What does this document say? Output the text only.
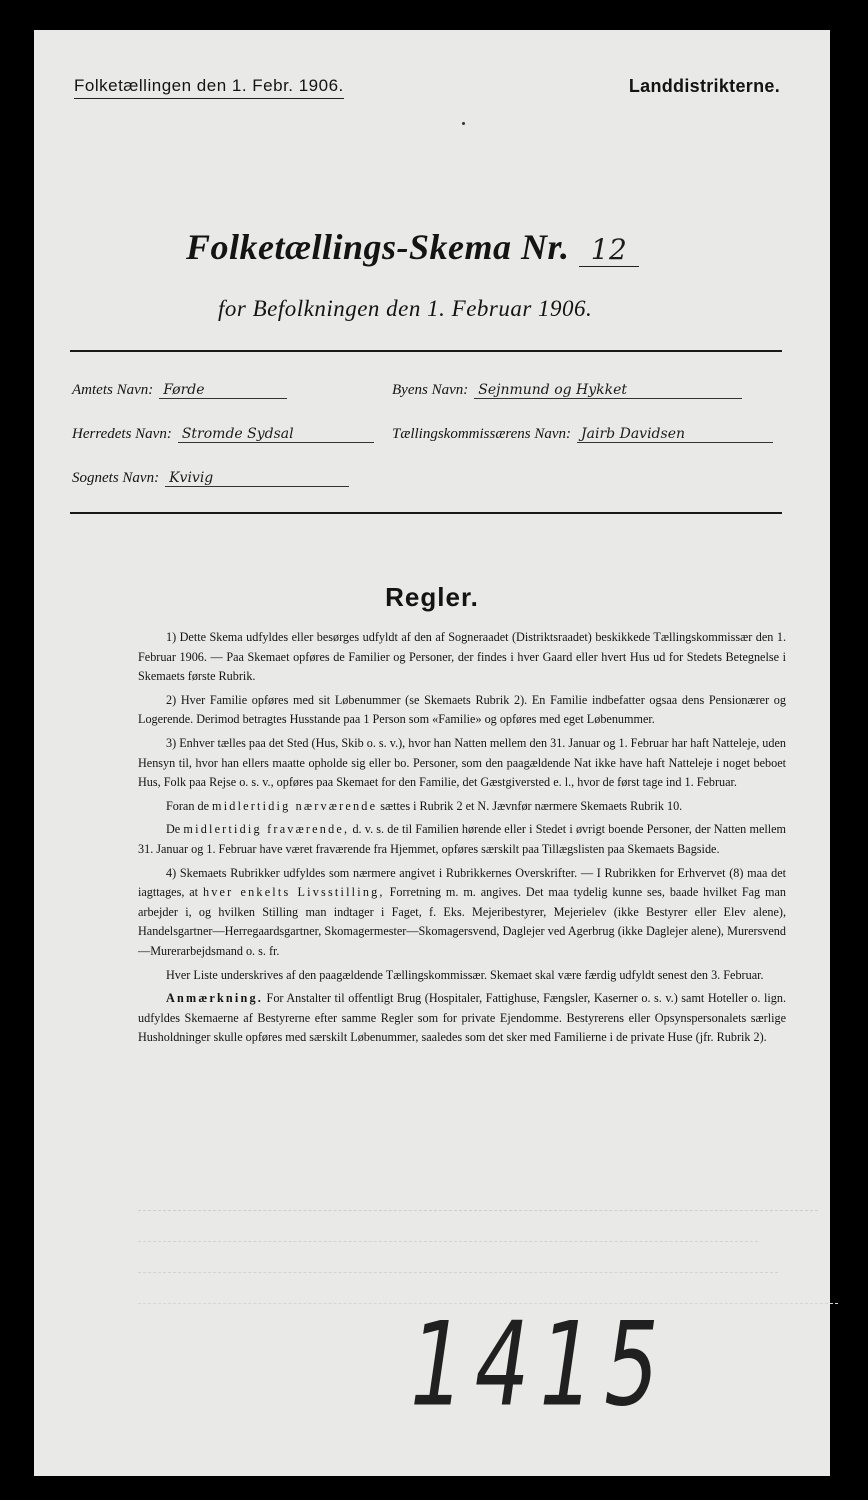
Folketællingen den 1. Febr. 1906.	Landdistrikterne.
Folketællings-Skema Nr. 12
for Befolkningen den 1. Februar 1906.
Amtets Navn: Førde	Byens Navn: Sejnmund og Hykket
Herredets Navn: Stromde Sydsal	Tællingskommissærens Navn: Jairb Davidsen
Sognets Navn: Kvivig
Regler.

1) Dette Skema udfyldes eller besørges udfyldt af den af Sogneraadet (Distriktsraadet) beskikkede Tællingskommissær den 1. Februar 1906. — Paa Skemaet opføres de Familier og Personer, der findes i hver Gaard eller hvert Hus ud for Stedets Betegnelse i Skemaets første Rubrik.

2) Hver Familie opføres med sit Løbenummer (se Skemaets Rubrik 2). En Familie indbefatter ogsaa dens Pensionærer og Logerende. Derimod betragtes Husstande paa 1 Person som «Familie» og opføres med eget Løbenummer.

3) Enhver tælles paa det Sted (Hus, Skib o. s. v.), hvor han Natten mellem den 31. Januar og 1. Februar har haft Natteleje, uden Hensyn til, hvor han ellers maatte opholde sig eller bo. Personer, som den paagældende Nat ikke have haft Natteleje i noget beboet Hus, Folk paa Rejse o. s. v., opføres paa Skemaet for den Familie, det Gæstgiversted e. l., hvor de først tage ind 1. Februar.

Foran de midlertidig nærværende sættes i Rubrik 2 et N. Jævnfør nærmere Skemaets Rubrik 10.

De midlertidig fraværende, d. v. s. de til Familien hørende eller i Stedet i øvrigt boende Personer, der Natten mellem 31. Januar og 1. Februar have været fraværende fra Hjemmet, opføres særskilt paa Tillægslisten paa Skemaets Bagside.

4) Skemaets Rubrikker udfyldes som nærmere angivet i Rubrikkernes Overskrifter. — I Rubrikken for Erhvervet (8) maa det iagttages, at hver enkelts Livsstilling, Forretning m. m. angives. Det maa tydelig kunne ses, baade hvilket Fag man arbejder i, og hvilken Stilling man indtager i Faget, f. Eks. Mejeribestyrer, Mejerielev (ikke Bestyrer eller Elev alene), Handelsgartner—Herregaardsgartner, Skomagermester—Skomagersvend, Daglejer ved Agerbrug (ikke Daglejer alene), Murersvend—Murerarbejdsmand o. s. fr.

Hver Liste underskrives af den paagældende Tællingskommissær. Skemaet skal være færdig udfyldt senest den 3. Februar.

Anmærkning. For Anstalter til offentligt Brug (Hospitaler, Fattighuse, Fængsler, Kaserner o. s. v.) samt Hoteller o. lign. udfyldes Skemaerne af Bestyrerne efter samme Regler som for private Ejendomme. Bestyrerens eller Opsynspersonalets særlige Husholdninger skulle opføres med særskilt Løbenummer, saaledes som det sker med Familierne i de private Huse (jfr. Rubrik 2).

1415
